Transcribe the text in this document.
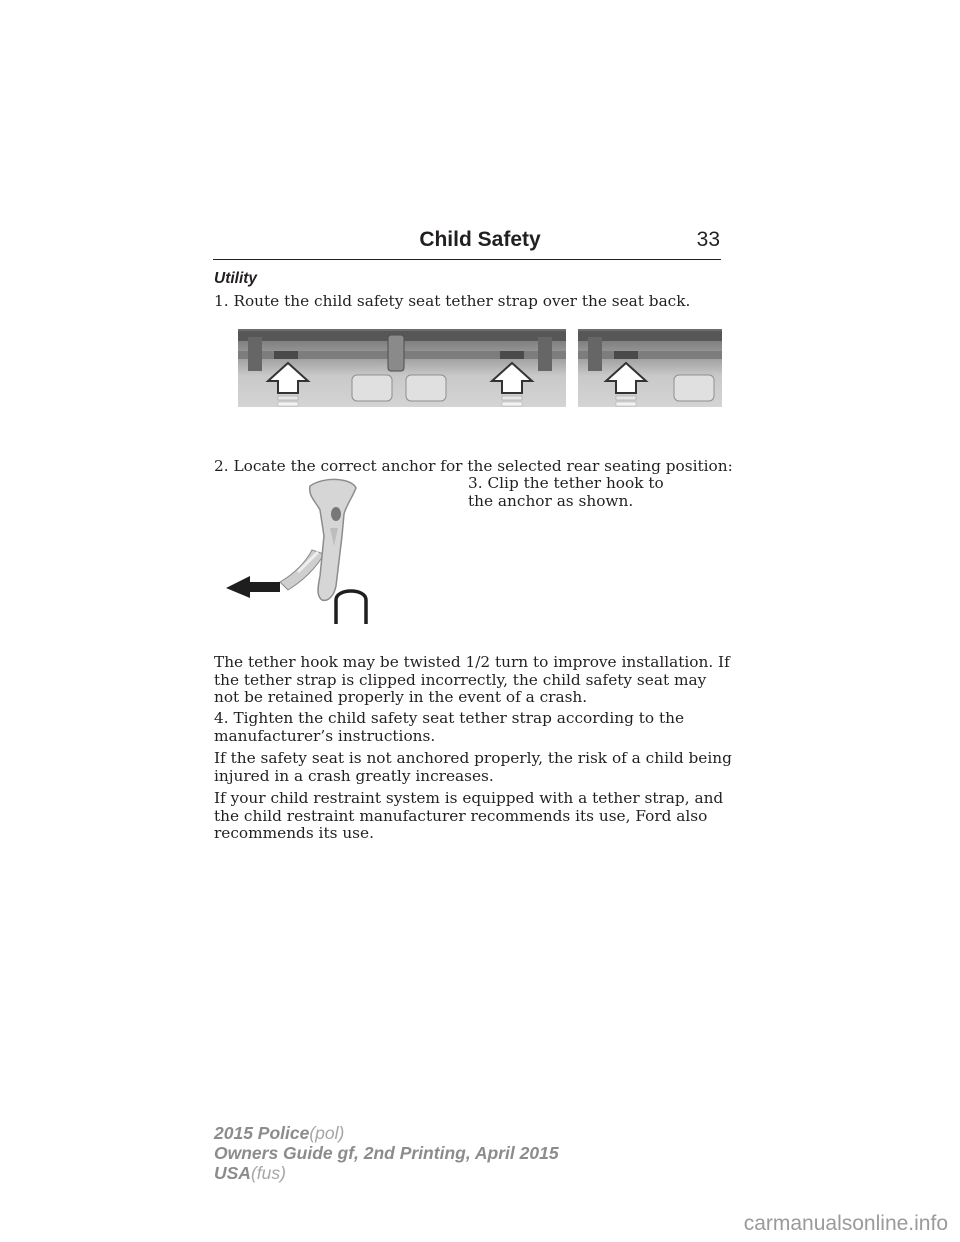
Child Safety	33
Utility

1. Route the child safety seat tether strap over the seat back.

2. Locate the correct anchor for the selected rear seating position:

3. Clip the tether hook to the anchor as shown.

The tether hook may be twisted 1/2 turn to improve installation. If the tether strap is clipped incorrectly, the child safety seat may not be retained properly in the event of a crash.

4. Tighten the child safety seat tether strap according to the manufacturer’s instructions.

If the safety seat is not anchored properly, the risk of a child being injured in a crash greatly increases.

If your child restraint system is equipped with a tether strap, and the child restraint manufacturer recommends its use, Ford also recommends its use.

2015 Police(pol)
Owners Guide gf, 2nd Printing, April 2015
USA(fus)
carmanualsonline.info
